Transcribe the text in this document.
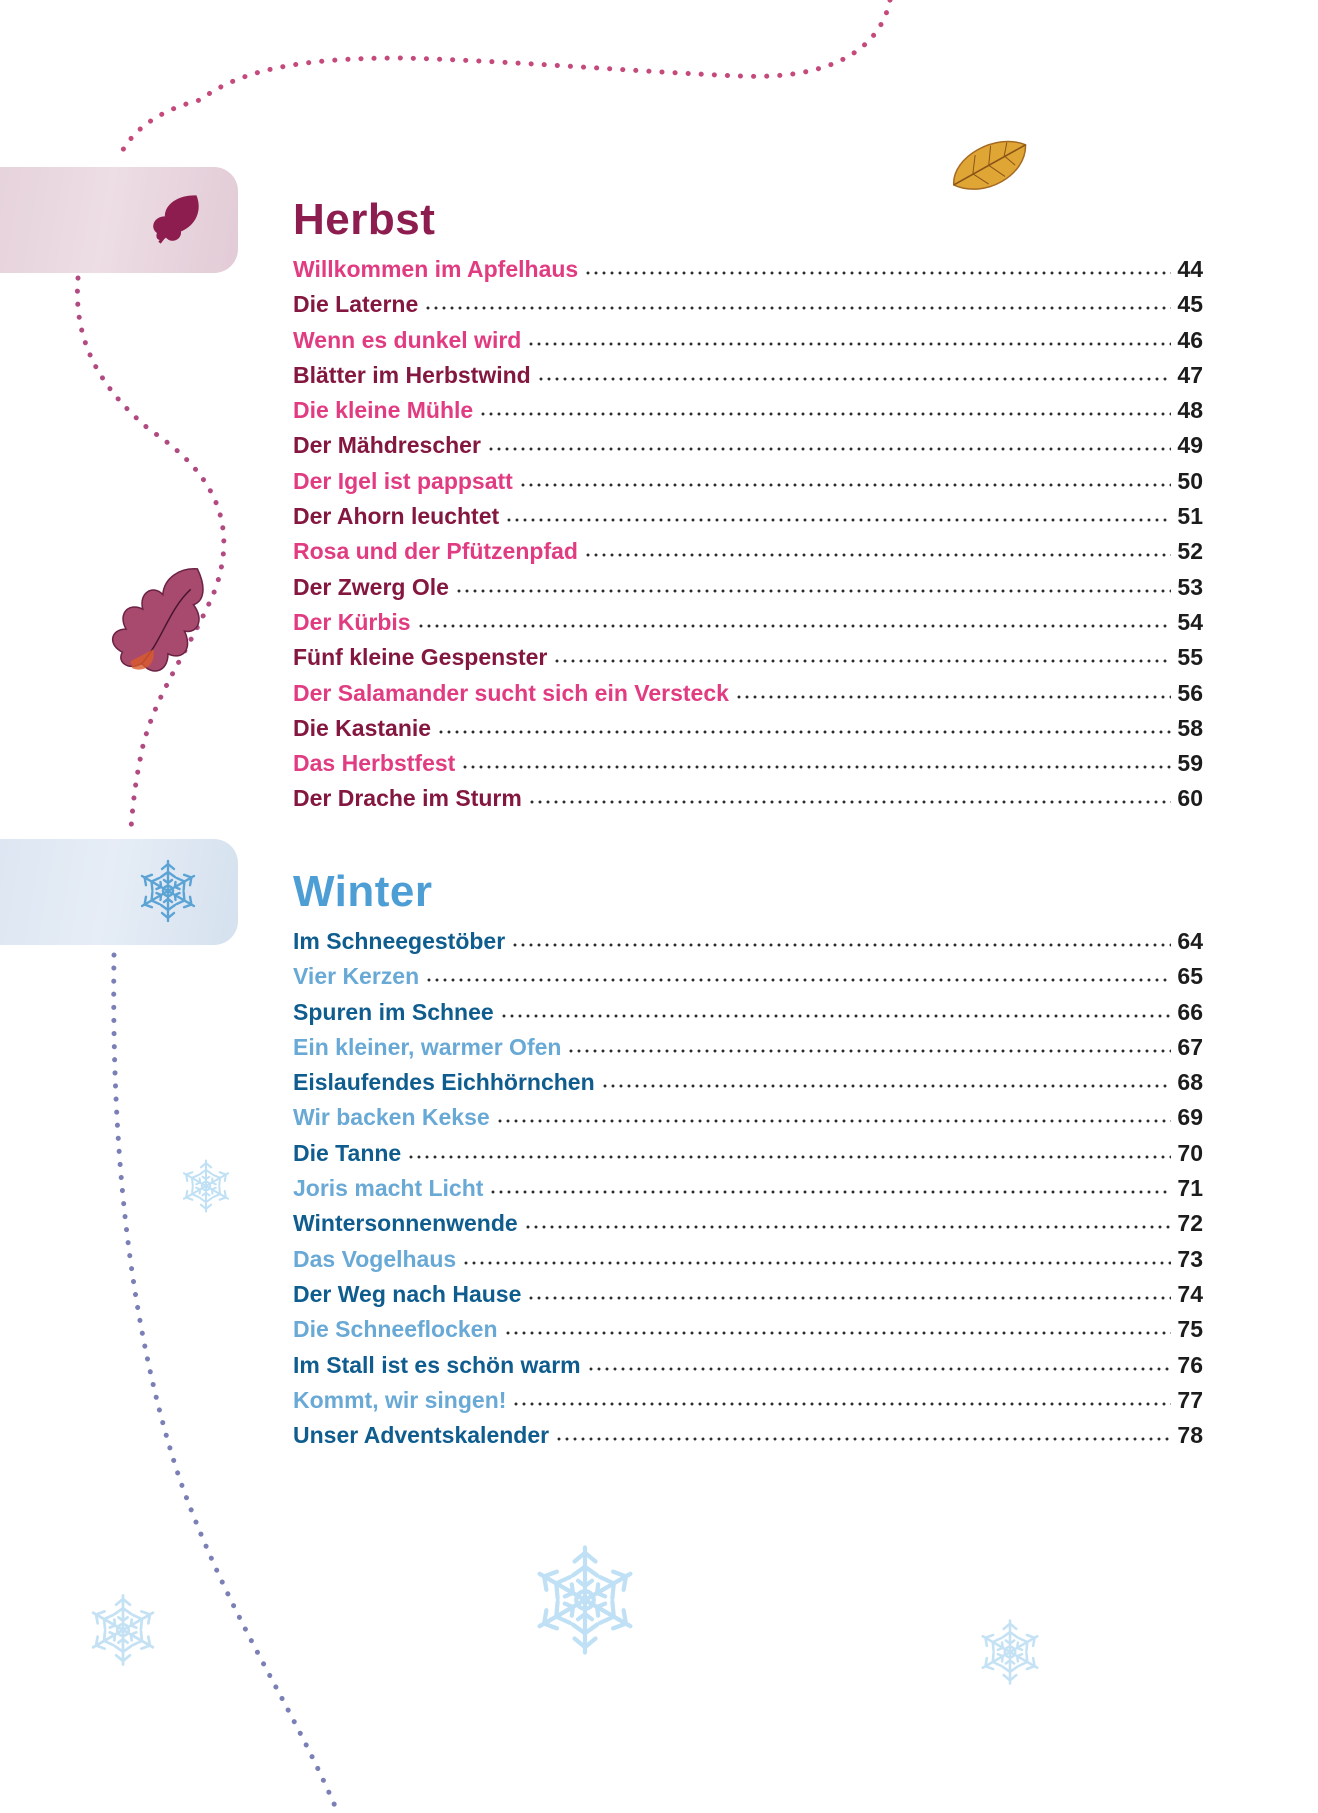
Herbst
Willkommen im Apfelhaus	44
Die Laterne	45
Wenn es dunkel wird	46
Blätter im Herbstwind	47
Die kleine Mühle	48
Der Mähdrescher	49
Der Igel ist pappsatt	50
Der Ahorn leuchtet	51
Rosa und der Pfützenpfad	52
Der Zwerg Ole	53
Der Kürbis	54
Fünf kleine Gespenster	55
Der Salamander sucht sich ein Versteck	56
Die Kastanie	58
Das Herbstfest	59
Der Drache im Sturm	60
Winter
Im Schneegestöber	64
Vier Kerzen	65
Spuren im Schnee	66
Ein kleiner, warmer Ofen	67
Eislaufendes Eichhörnchen	68
Wir backen Kekse	69
Die Tanne	70
Joris macht Licht	71
Wintersonnenwende	72
Das Vogelhaus	73
Der Weg nach Hause	74
Die Schneeflocken	75
Im Stall ist es schön warm	76
Kommt, wir singen!	77
Unser Adventskalender	78
